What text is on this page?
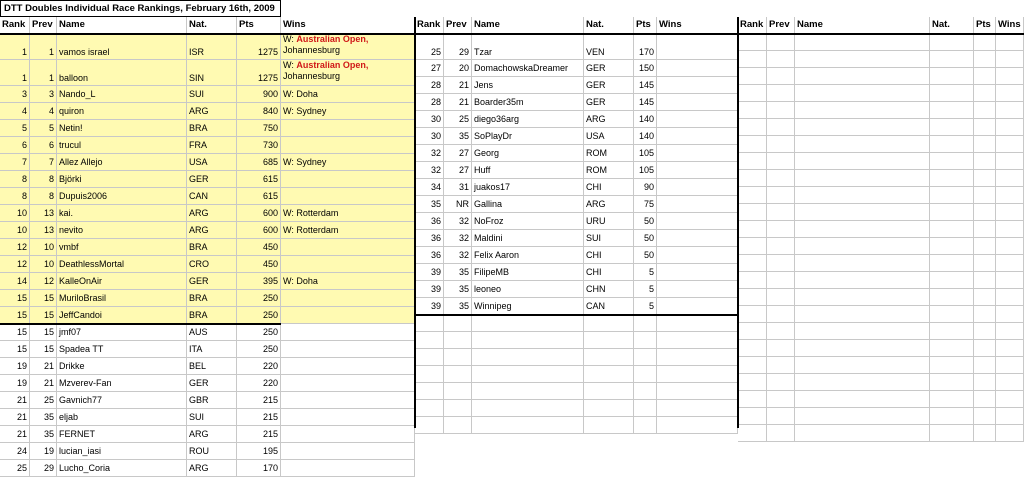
DTT Doubles Individual Race Rankings, February 16th, 2009
Rank Prev Name	Nat.	Pts	Wins	Rank Prev Name	Nat.	Pts Wins	Rank Prev Name	Nat.	Pts Wins
1	1 vamos israel	ISR	1275
W: Australian Open,
Johannesburg
1	1 balloon	SIN	1275
W: Australian Open,
Johannesburg
3	3 Nando_L	SUI	900 W: Doha
4	4 quiron	ARG	840 W: Sydney
5	5 Netin!	BRA	750
6	6 trucul	FRA	730
7	7 Allez Allejo	USA	685 W: Sydney
8	8 Björki	GER	615
8	8 Dupuis2006	CAN	615
10	13 kai.	ARG	600 W: Rotterdam
10	13 nevito	ARG	600 W: Rotterdam
12	10 vmbf	BRA	450
12	10 DeathlessMortal	CRO	450
14	12 KalleOnAir	GER	395 W: Doha
15	15 MuriloBrasil	BRA	250
15	15 JeffCandoi	BRA	250
15	15 jmf07	AUS	250
15	15 Spadea TT	ITA	250
19	21 Drikke	BEL	220
19	21 Mzverev-Fan	GER	220
21	25 Gavnich77	GBR	215
21	35 eljab	SUI	215
21	35 FERNET	ARG	215
24	19 lucian_iasi	ROU	195
25	29 Lucho_Coria	ARG	170
25	29 Tzar	VEN	170
27	20 DomachowskaDreamer	GER	150
28	21 Jens	GER	145
28	21 Boarder35m	GER	145
30	25 diego36arg	ARG	140
30	35 SoPlayDr	USA	140
32	27 Georg	ROM	105
32	27 Huff	ROM	105
34	31 juakos17	CHI	90
35	NR Gallina	ARG	75
36	32 NoFroz	URU	50
36	32 Maldini	SUI	50
36	32 Felix Aaron	CHI	50
39	35 FilipeMB	CHI	5
39	35 leoneo	CHN	5
39	35 Winnipeg	CAN	5
